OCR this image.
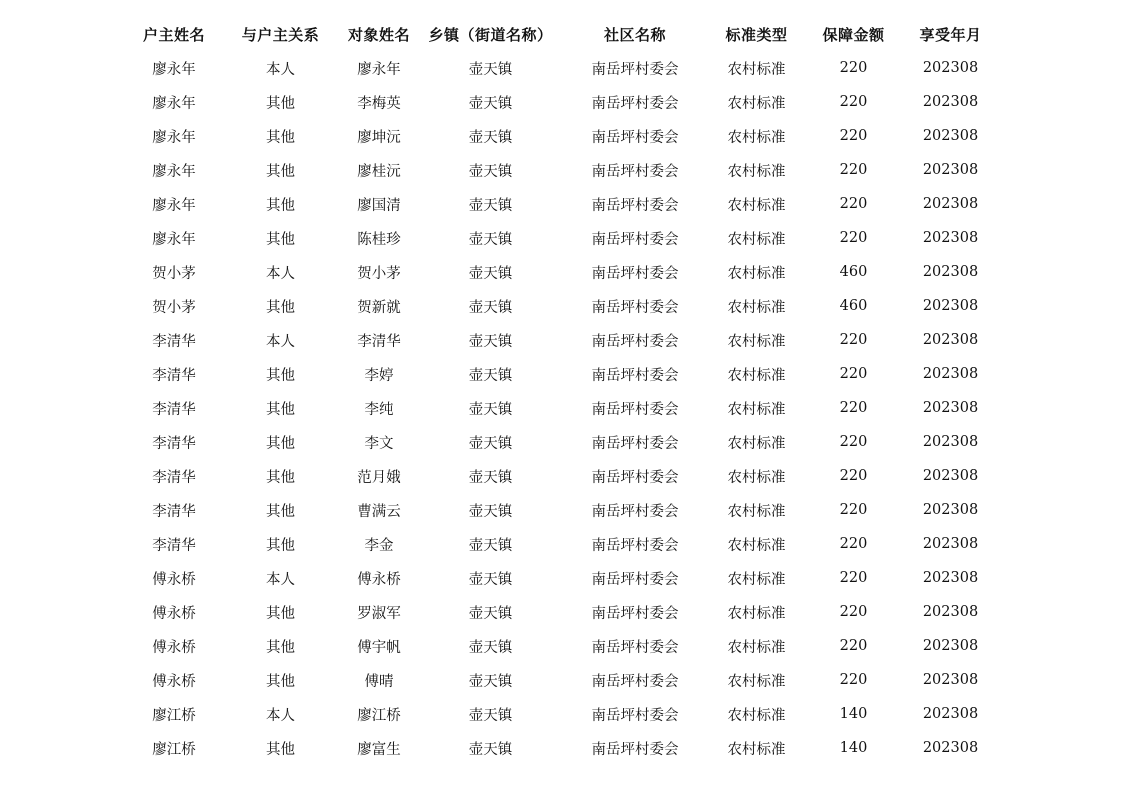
户主姓名	与户主关系	对象姓名	乡镇（街道名称）	社区名称	标准类型	保障金额	享受年月
廖永年	本人	廖永年	壶天镇	南岳坪村委会	农村标准	220	202308
廖永年	其他	李梅英	壶天镇	南岳坪村委会	农村标准	220	202308
廖永年	其他	廖坤沅	壶天镇	南岳坪村委会	农村标准	220	202308
廖永年	其他	廖桂沅	壶天镇	南岳坪村委会	农村标准	220	202308
廖永年	其他	廖国清	壶天镇	南岳坪村委会	农村标准	220	202308
廖永年	其他	陈桂珍	壶天镇	南岳坪村委会	农村标准	220	202308
贺小茅	本人	贺小茅	壶天镇	南岳坪村委会	农村标准	460	202308
贺小茅	其他	贺新就	壶天镇	南岳坪村委会	农村标准	460	202308
李清华	本人	李清华	壶天镇	南岳坪村委会	农村标准	220	202308
李清华	其他	李婷	壶天镇	南岳坪村委会	农村标准	220	202308
李清华	其他	李纯	壶天镇	南岳坪村委会	农村标准	220	202308
李清华	其他	李文	壶天镇	南岳坪村委会	农村标准	220	202308
李清华	其他	范月娥	壶天镇	南岳坪村委会	农村标准	220	202308
李清华	其他	曹满云	壶天镇	南岳坪村委会	农村标准	220	202308
李清华	其他	李金	壶天镇	南岳坪村委会	农村标准	220	202308
傅永桥	本人	傅永桥	壶天镇	南岳坪村委会	农村标准	220	202308
傅永桥	其他	罗淑军	壶天镇	南岳坪村委会	农村标准	220	202308
傅永桥	其他	傅宇帆	壶天镇	南岳坪村委会	农村标准	220	202308
傅永桥	其他	傅晴	壶天镇	南岳坪村委会	农村标准	220	202308
廖江桥	本人	廖江桥	壶天镇	南岳坪村委会	农村标准	140	202308
廖江桥	其他	廖富生	壶天镇	南岳坪村委会	农村标准	140	202308
